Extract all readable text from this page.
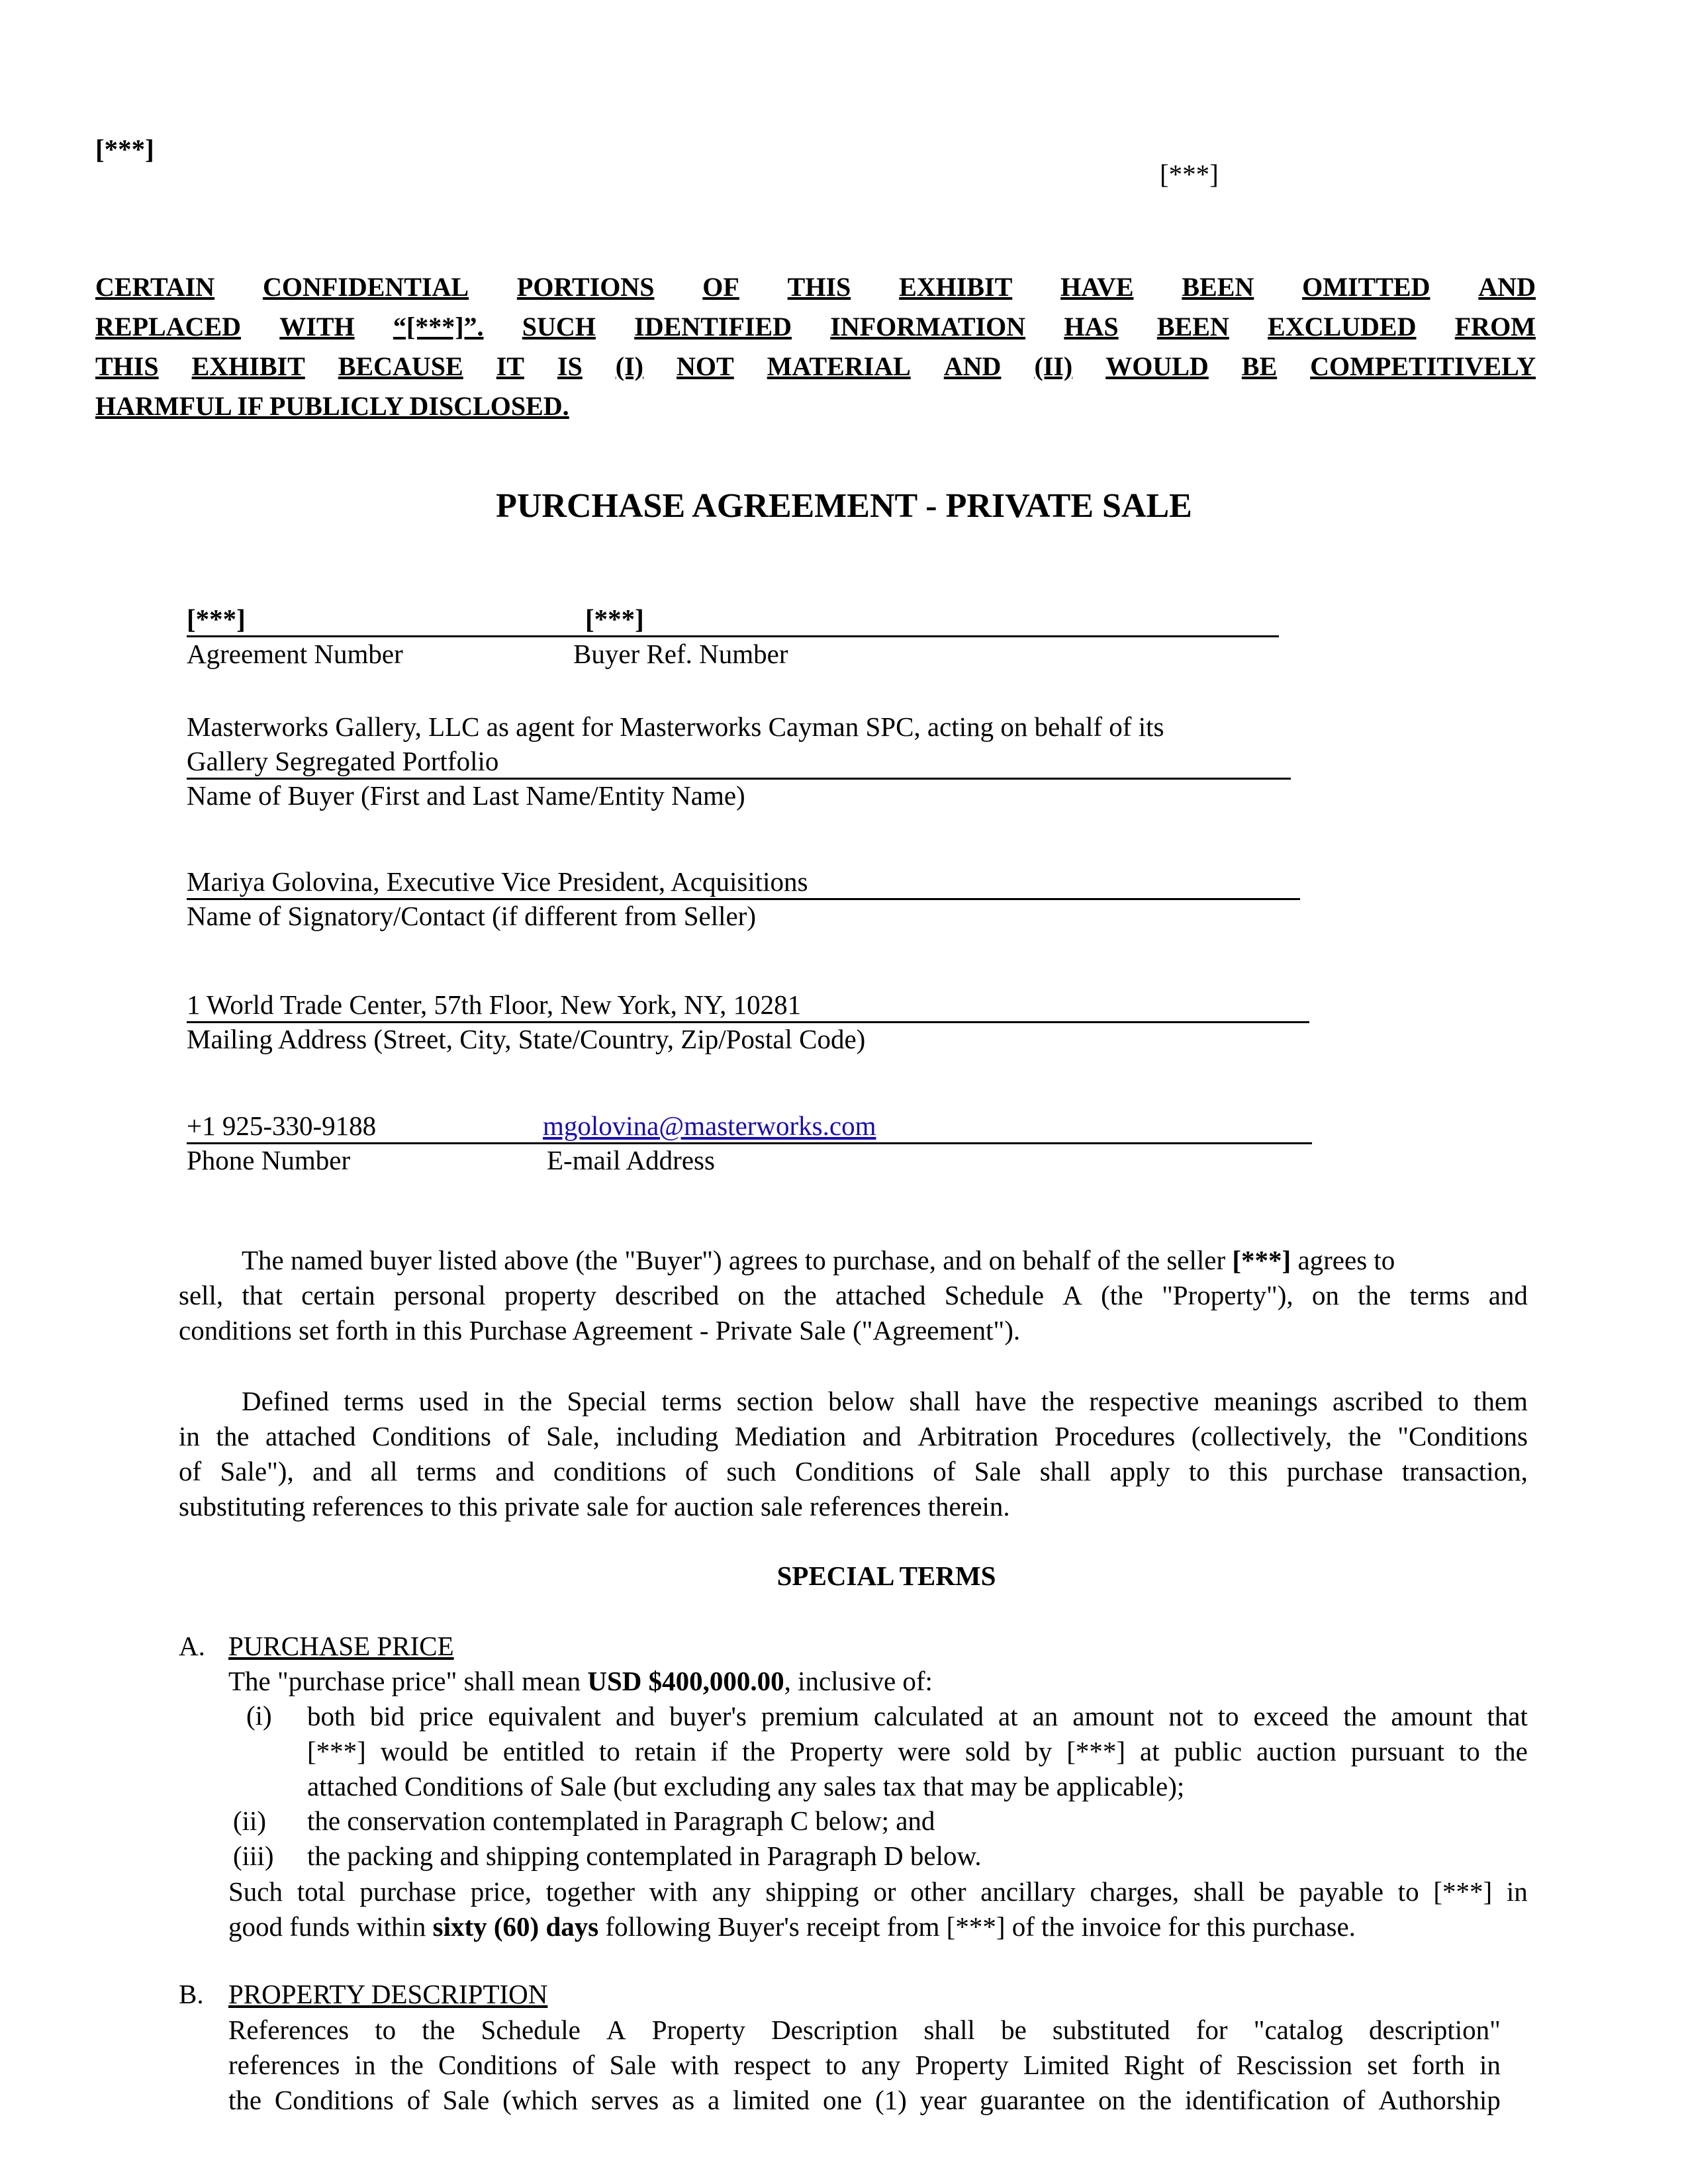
[***]
[***]
CERTAIN CONFIDENTIAL PORTIONS OF THIS EXHIBIT HAVE BEEN OMITTED AND
REPLACED WITH “[***]”. SUCH IDENTIFIED INFORMATION HAS BEEN EXCLUDED FROM
THIS EXHIBIT BECAUSE IT IS (I) NOT MATERIAL AND (II) WOULD BE COMPETITIVELY
HARMFUL IF PUBLICLY DISCLOSED.
PURCHASE AGREEMENT - PRIVATE SALE
[***]	[***]
Agreement Number	Buyer Ref. Number
Masterworks Gallery, LLC as agent for Masterworks Cayman SPC, acting on behalf of its
Gallery Segregated Portfolio
Name of Buyer (First and Last Name/Entity Name)
Mariya Golovina, Executive Vice President, Acquisitions
Name of Signatory/Contact (if different from Seller)
1 World Trade Center, 57th Floor, New York, NY, 10281
Mailing Address (Street, City, State/Country, Zip/Postal Code)
+1 925-330-9188	mgolovina@masterworks.com
Phone Number	E-mail Address
The named buyer listed above (the "Buyer") agrees to purchase, and on behalf of the seller [***] agrees to
sell, that certain personal property described on the attached Schedule A (the "Property"), on the terms and
conditions set forth in this Purchase Agreement - Private Sale ("Agreement").
Defined terms used in the Special terms section below shall have the respective meanings ascribed to them
in the attached Conditions of Sale, including Mediation and Arbitration Procedures (collectively, the "Conditions
of Sale"), and all terms and conditions of such Conditions of Sale shall apply to this purchase transaction,
substituting references to this private sale for auction sale references therein.
SPECIAL TERMS
A. PURCHASE PRICE
The "purchase price" shall mean USD $400,000.00, inclusive of:
(i) both bid price equivalent and buyer's premium calculated at an amount not to exceed the amount that
[***] would be entitled to retain if the Property were sold by [***] at public auction pursuant to the
attached Conditions of Sale (but excluding any sales tax that may be applicable);
(ii) the conservation contemplated in Paragraph C below; and
(iii) the packing and shipping contemplated in Paragraph D below.
Such total purchase price, together with any shipping or other ancillary charges, shall be payable to [***] in
good funds within sixty (60) days following Buyer's receipt from [***] of the invoice for this purchase.
B. PROPERTY DESCRIPTION
References to the Schedule A Property Description shall be substituted for "catalog description"
references in the Conditions of Sale with respect to any Property Limited Right of Rescission set forth in
the Conditions of Sale (which serves as a limited one (1) year guarantee on the identification of Authorship
